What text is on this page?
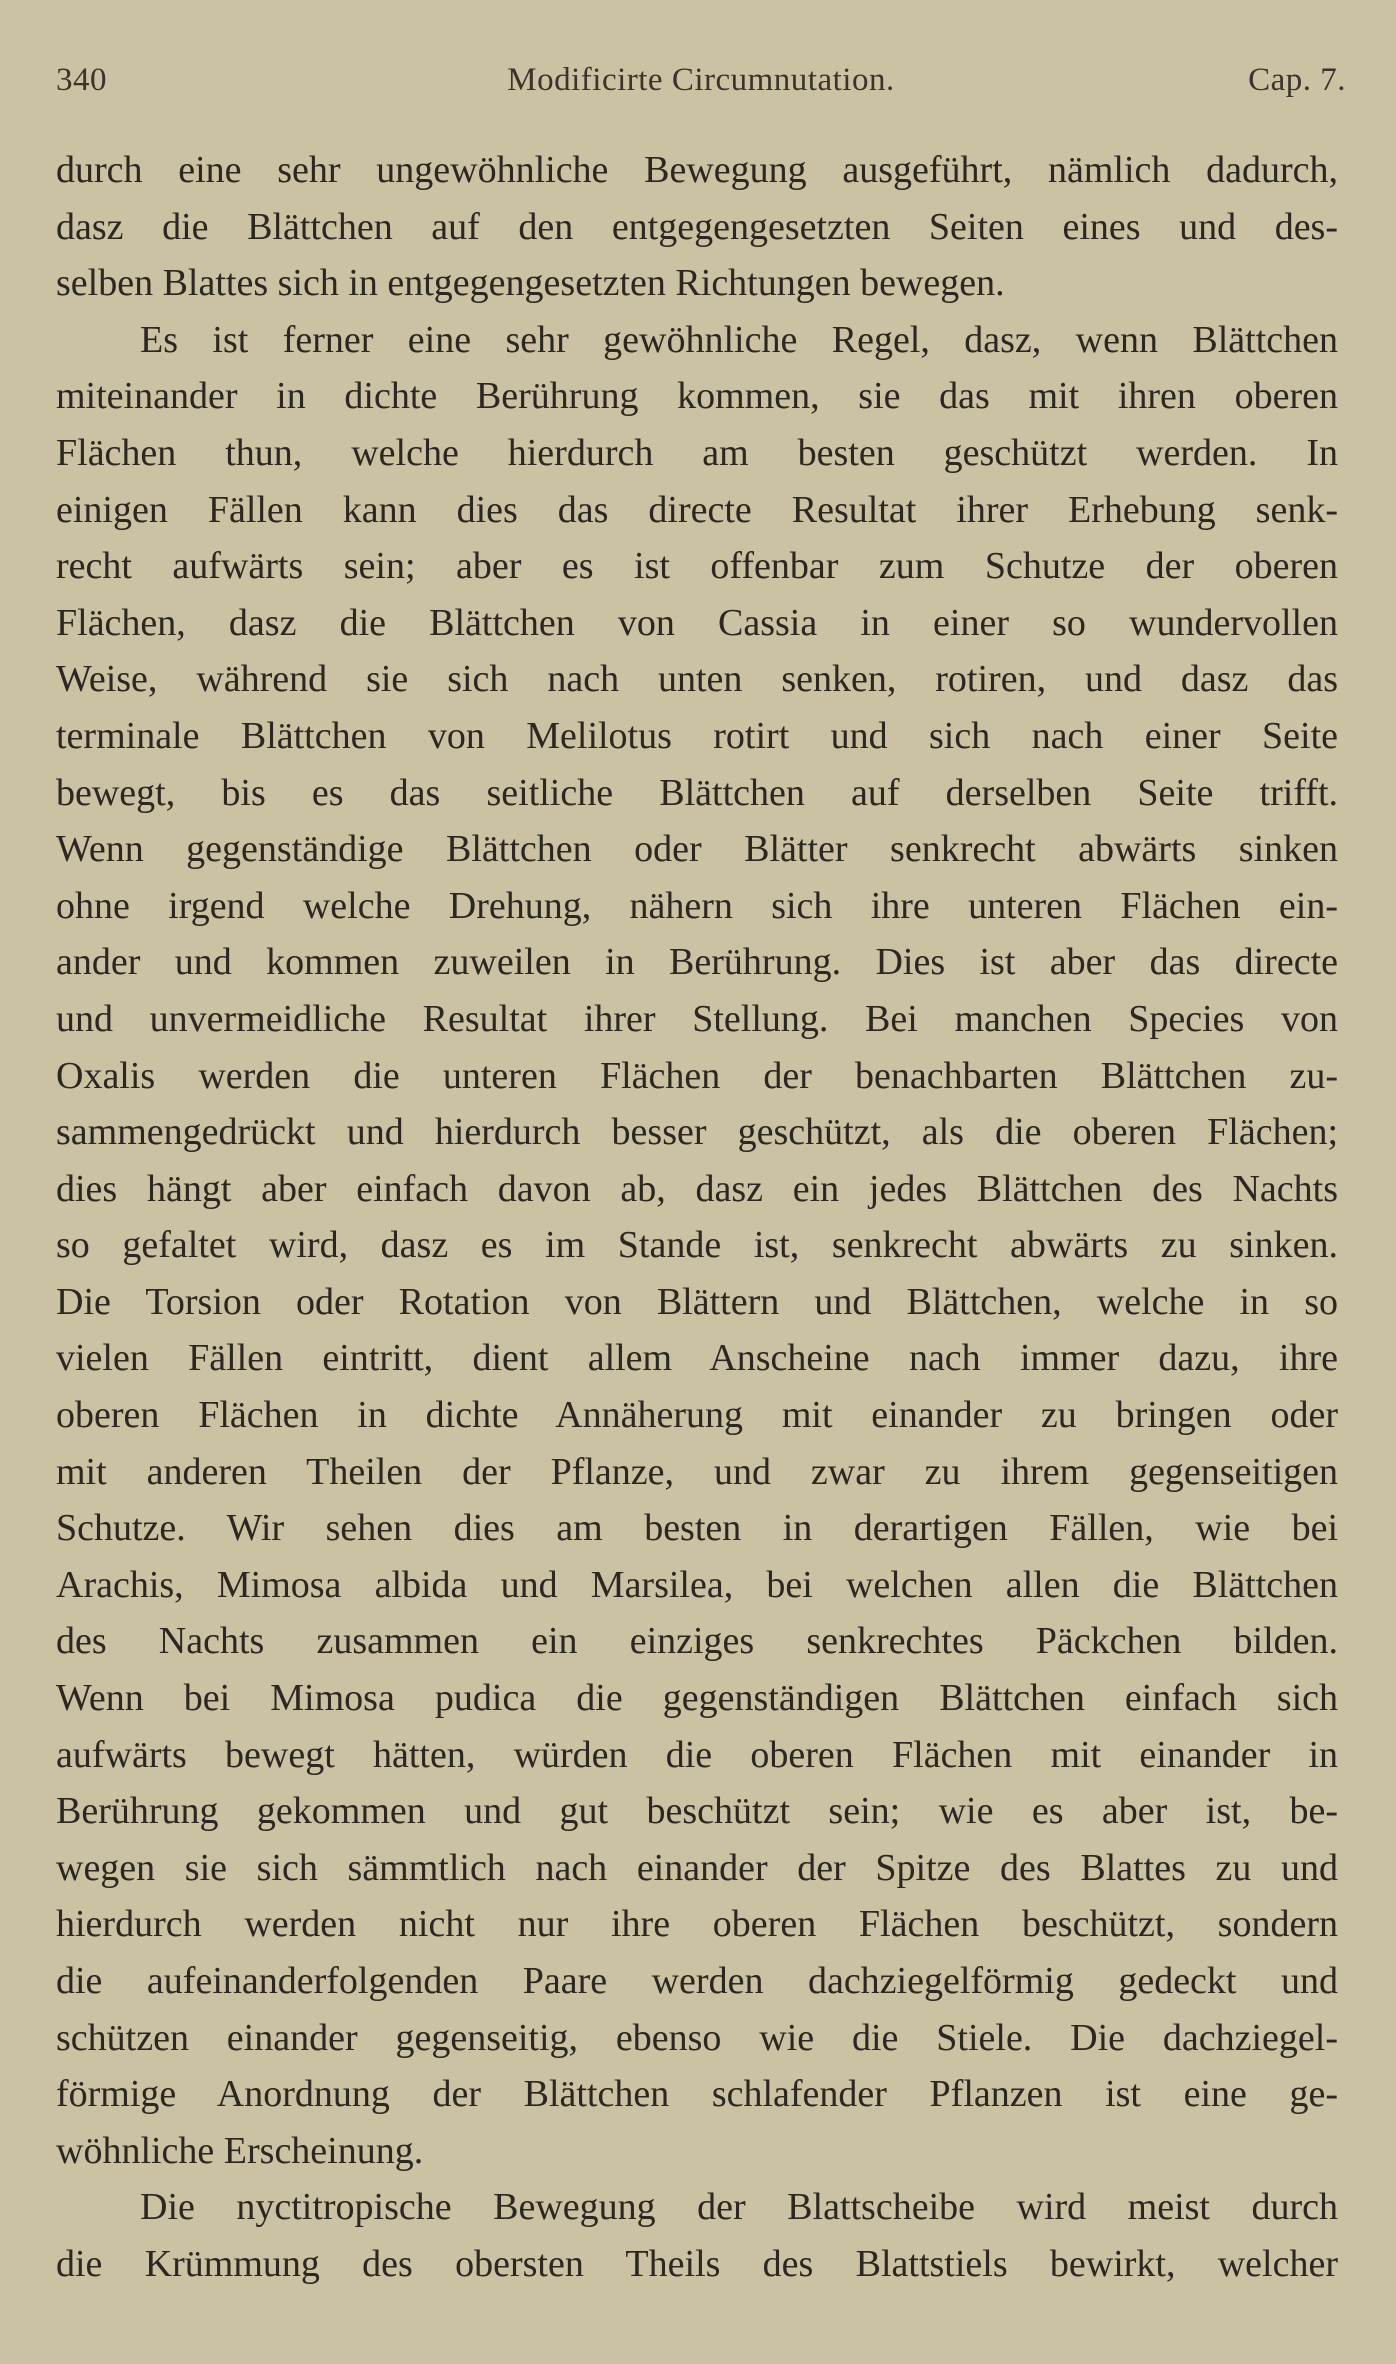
340	Modificirte Circumnutation.	Cap. 7.
durch eine sehr ungewöhnliche Bewegung ausgeführt, nämlich dadurch,
dasz die Blättchen auf den entgegengesetzten Seiten eines und des-
selben Blattes sich in entgegengesetzten Richtungen bewegen.
Es ist ferner eine sehr gewöhnliche Regel, dasz, wenn Blättchen
miteinander in dichte Berührung kommen, sie das mit ihren oberen
Flächen thun, welche hierdurch am besten geschützt werden. In
einigen Fällen kann dies das directe Resultat ihrer Erhebung senk-
recht aufwärts sein; aber es ist offenbar zum Schutze der oberen
Flächen, dasz die Blättchen von Cassia in einer so wundervollen
Weise, während sie sich nach unten senken, rotiren, und dasz das
terminale Blättchen von Melilotus rotirt und sich nach einer Seite
bewegt, bis es das seitliche Blättchen auf derselben Seite trifft.
Wenn gegenständige Blättchen oder Blätter senkrecht abwärts sinken
ohne irgend welche Drehung, nähern sich ihre unteren Flächen ein-
ander und kommen zuweilen in Berührung. Dies ist aber das directe
und unvermeidliche Resultat ihrer Stellung. Bei manchen Species von
Oxalis werden die unteren Flächen der benachbarten Blättchen zu-
sammengedrückt und hierdurch besser geschützt, als die oberen Flächen;
dies hängt aber einfach davon ab, dasz ein jedes Blättchen des Nachts
so gefaltet wird, dasz es im Stande ist, senkrecht abwärts zu sinken.
Die Torsion oder Rotation von Blättern und Blättchen, welche in so
vielen Fällen eintritt, dient allem Anscheine nach immer dazu, ihre
oberen Flächen in dichte Annäherung mit einander zu bringen oder
mit anderen Theilen der Pflanze, und zwar zu ihrem gegenseitigen
Schutze. Wir sehen dies am besten in derartigen Fällen, wie bei
Arachis, Mimosa albida und Marsilea, bei welchen allen die Blättchen
des Nachts zusammen ein einziges senkrechtes Päckchen bilden.
Wenn bei Mimosa pudica die gegenständigen Blättchen einfach sich
aufwärts bewegt hätten, würden die oberen Flächen mit einander in
Berührung gekommen und gut beschützt sein; wie es aber ist, be-
wegen sie sich sämmtlich nach einander der Spitze des Blattes zu und
hierdurch werden nicht nur ihre oberen Flächen beschützt, sondern
die aufeinanderfolgenden Paare werden dachziegelförmig gedeckt und
schützen einander gegenseitig, ebenso wie die Stiele. Die dachziegel-
förmige Anordnung der Blättchen schlafender Pflanzen ist eine ge-
wöhnliche Erscheinung.
Die nyctitropische Bewegung der Blattscheibe wird meist durch
die Krümmung des obersten Theils des Blattstiels bewirkt, welcher
